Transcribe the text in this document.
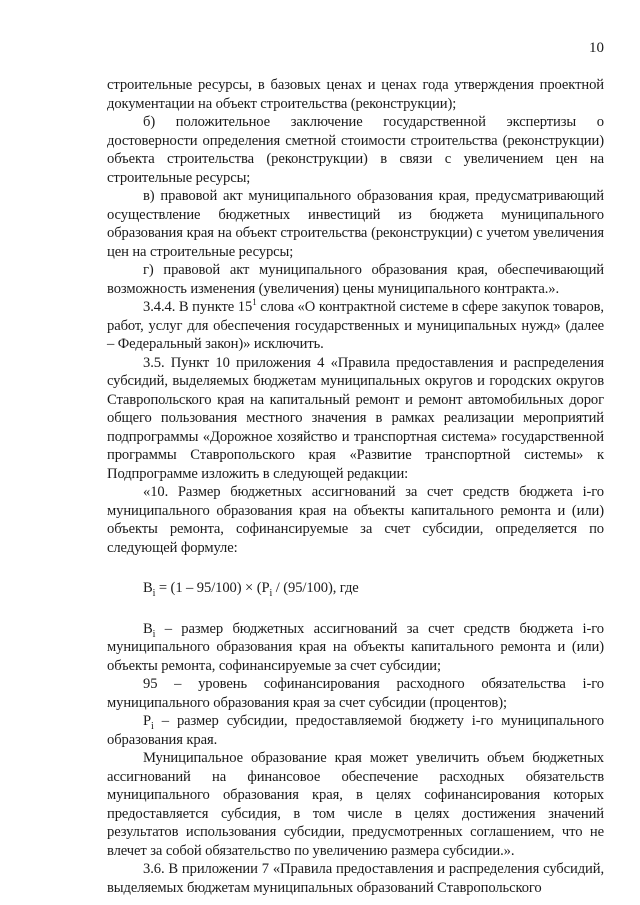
10

строительные ресурсы, в базовых ценах и ценах года утверждения проектной документации на объект строительства (реконструкции);

б) положительное заключение государственной экспертизы о достоверности определения сметной стоимости строительства (реконструкции) объекта строительства (реконструкции) в связи с увеличением цен на строительные ресурсы;

в) правовой акт муниципального образования края, предусматривающий осуществление бюджетных инвестиций из бюджета муниципального образования края на объект строительства (реконструкции) с учетом увеличения цен на строительные ресурсы;

г) правовой акт муниципального образования края, обеспечивающий возможность изменения (увеличения) цены муниципального контракта.».

3.4.4. В пункте $15^1$ слова «О контрактной системе в сфере закупок товаров, работ, услуг для обеспечения государственных и муниципальных нужд» (далее – Федеральный закон)» исключить.

3.5. Пункт 10 приложения 4 «Правила предоставления и распределения субсидий, выделяемых бюджетам муниципальных округов и городских округов Ставропольского края на капитальный ремонт и ремонт автомобильных дорог общего пользования местного значения в рамках реализации мероприятий подпрограммы «Дорожное хозяйство и транспортная система» государственной программы Ставропольского края «Развитие транспортной системы» к Подпрограмме изложить в следующей редакции:

«10. Размер бюджетных ассигнований за счет средств бюджета i-го муниципального образования края на объекты капитального ремонта и (или) объекты ремонта, софинансируемые за счет субсидии, определяется по следующей формуле:

$B_i = (1 - 95/100) \times (P_i / (95/100)$, где

$B_i$ – размер бюджетных ассигнований за счет средств бюджета i-го муниципального образования края на объекты капитального ремонта и (или) объекты ремонта, софинансируемые за счет субсидии;

95 – уровень софинансирования расходного обязательства i-го муниципального образования края за счет субсидии (процентов);

$P_i$ – размер субсидии, предоставляемой бюджету i-го муниципального образования края.

Муниципальное образование края может увеличить объем бюджетных ассигнований на финансовое обеспечение расходных обязательств муниципального образования края, в целях софинансирования которых предоставляется субсидия, в том числе в целях достижения значений результатов использования субсидии, предусмотренных соглашением, что не влечет за собой обязательство по увеличению размера субсидии.».

3.6. В приложении 7 «Правила предоставления и распределения субсидий, выделяемых бюджетам муниципальных образований Ставропольского
